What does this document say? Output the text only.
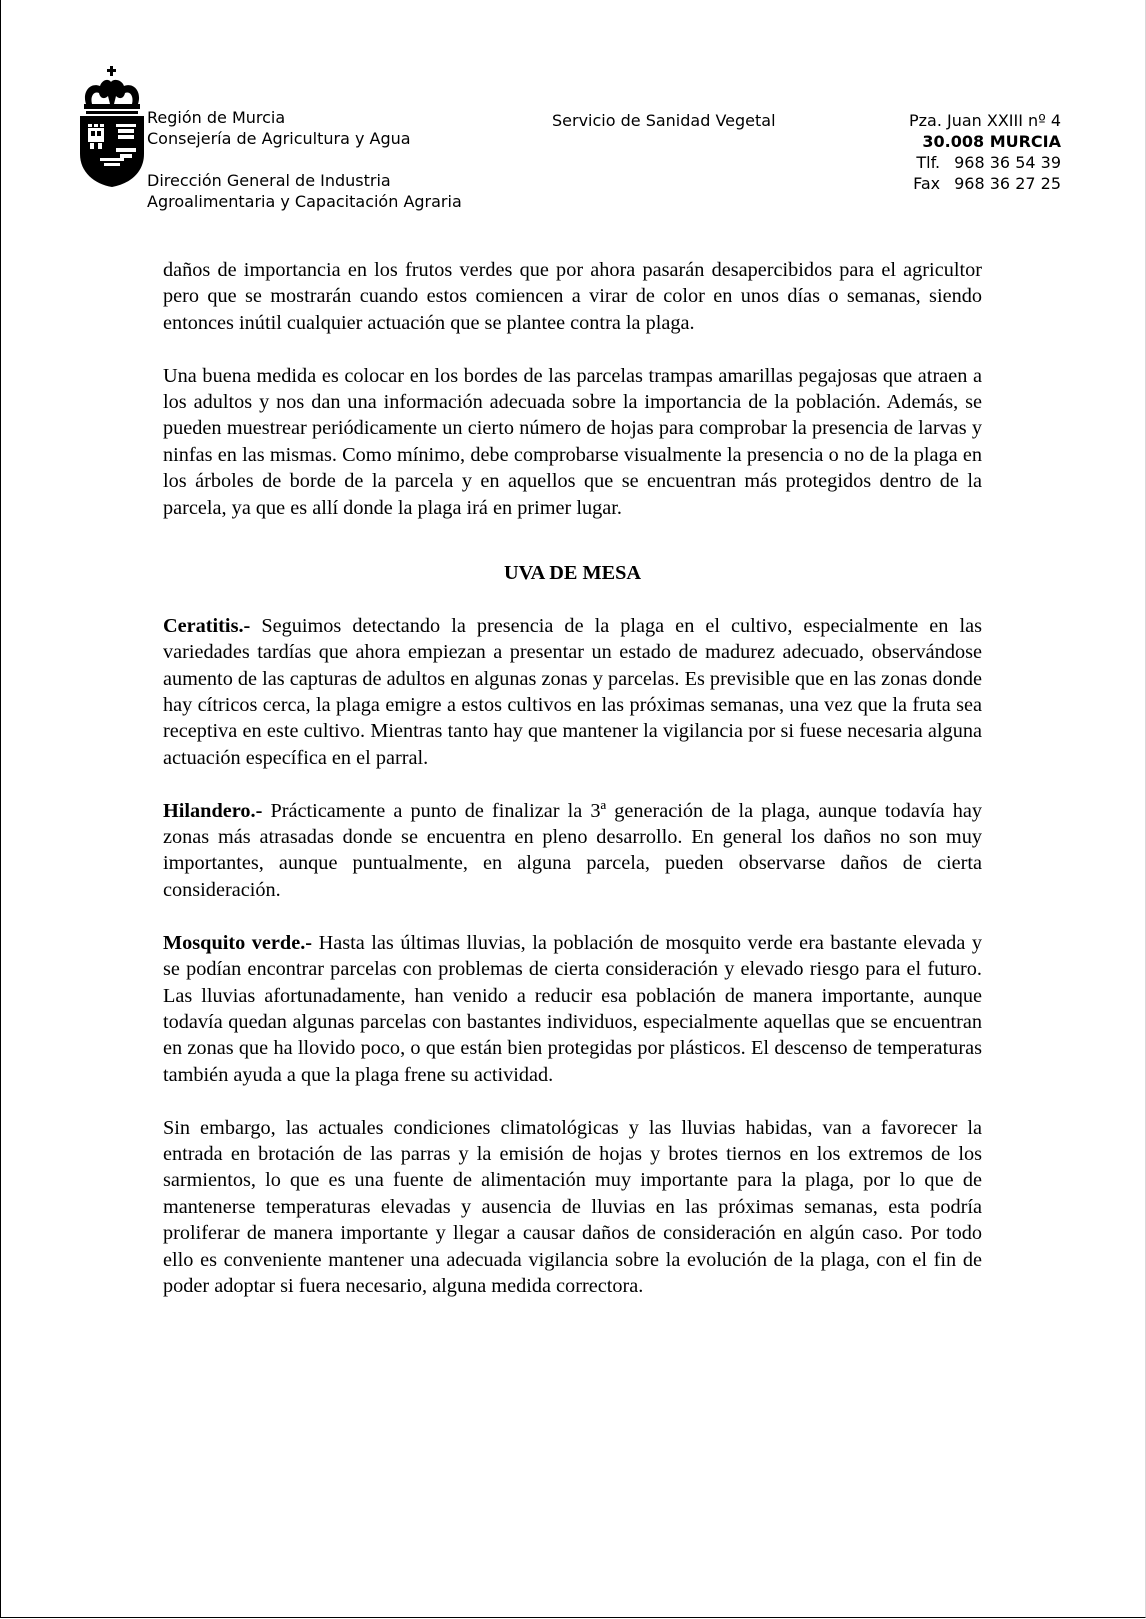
Región de Murcia
Consejería de Agricultura y Agua
Dirección General de Industria
Agroalimentaria y Capacitación Agraria
Servicio de Sanidad Vegetal	Pza. Juan XXIII nº 4
30.008 MURCIA
Tlf. 968 36 54 39
Fax 968 36 27 25

daños de importancia en los frutos verdes que por ahora pasarán desapercibidos para el agricultor pero que se mostrarán cuando estos comiencen a virar de color en unos días o semanas, siendo entonces inútil cualquier actuación que se plantee contra la plaga.

Una buena medida es colocar en los bordes de las parcelas trampas amarillas pegajosas que atraen a los adultos y nos dan una información adecuada sobre la importancia de la población. Además, se pueden muestrear periódicamente un cierto número de hojas para comprobar la presencia de larvas y ninfas en las mismas. Como mínimo, debe comprobarse visualmente la presencia o no de la plaga en los árboles de borde de la parcela y en aquellos que se encuentran más protegidos dentro de la parcela, ya que es allí donde la plaga irá en primer lugar.

UVA DE MESA

Ceratitis.- Seguimos detectando la presencia de la plaga en el cultivo, especialmente en las variedades tardías que ahora empiezan a presentar un estado de madurez adecuado, observándose aumento de las capturas de adultos en algunas zonas y parcelas. Es previsible que en las zonas donde hay cítricos cerca, la plaga emigre a estos cultivos en las próximas semanas, una vez que la fruta sea receptiva en este cultivo. Mientras tanto hay que mantener la vigilancia por si fuese necesaria alguna actuación específica en el parral.

Hilandero.- Prácticamente a punto de finalizar la 3ª generación de la plaga, aunque todavía hay zonas más atrasadas donde se encuentra en pleno desarrollo. En general los daños no son muy importantes, aunque puntualmente, en alguna parcela, pueden observarse daños de cierta consideración.

Mosquito verde.- Hasta las últimas lluvias, la población de mosquito verde era bastante elevada y se podían encontrar parcelas con problemas de cierta consideración y elevado riesgo para el futuro. Las lluvias afortunadamente, han venido a reducir esa población de manera importante, aunque todavía quedan algunas parcelas con bastantes individuos, especialmente aquellas que se encuentran en zonas que ha llovido poco, o que están bien protegidas por plásticos. El descenso de temperaturas también ayuda a que la plaga frene su actividad.

Sin embargo, las actuales condiciones climatológicas y las lluvias habidas, van a favorecer la entrada en brotación de las parras y la emisión de hojas y brotes tiernos en los extremos de los sarmientos, lo que es una fuente de alimentación muy importante para la plaga, por lo que de mantenerse temperaturas elevadas y ausencia de lluvias en las próximas semanas, esta podría proliferar de manera importante y llegar a causar daños de consideración en algún caso. Por todo ello es conveniente mantener una adecuada vigilancia sobre la evolución de la plaga, con el fin de poder adoptar si fuera necesario, alguna medida correctora.
